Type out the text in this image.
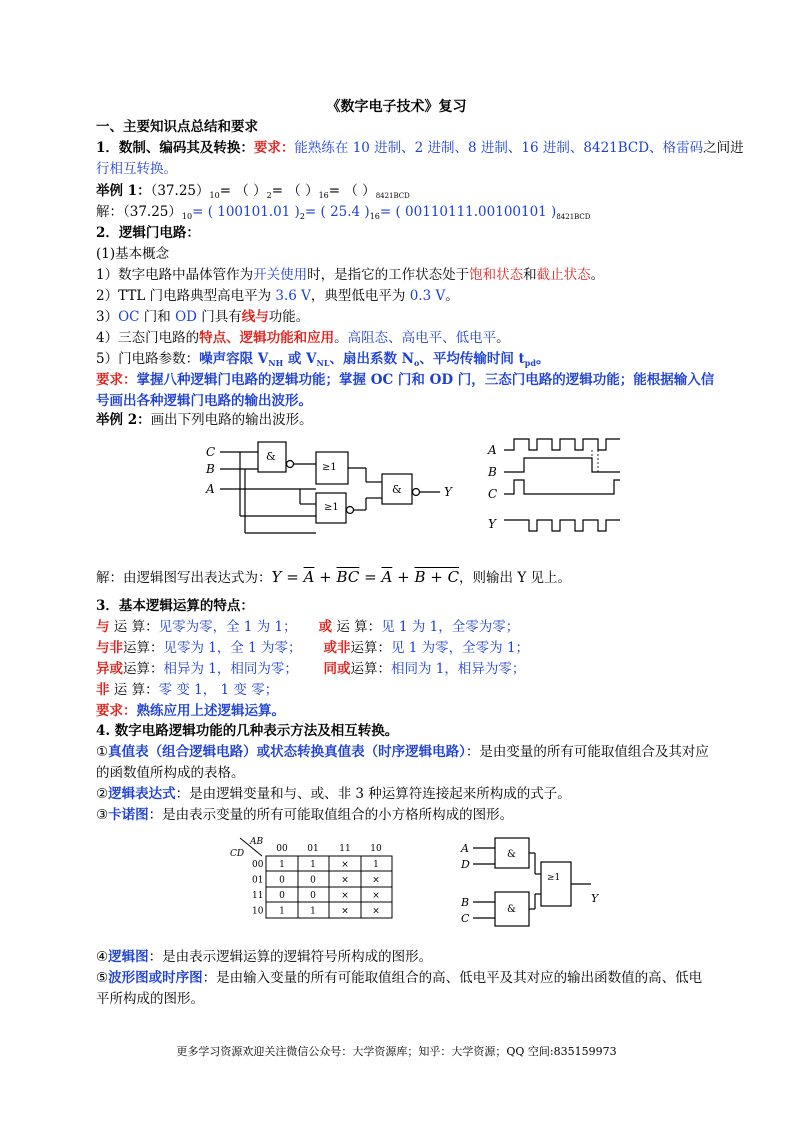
《数字电子技术》复习
一、主要知识点总结和要求
1．数制、编码其及转换：要求：能熟练在 10 进制、2 进制、8 进制、16 进制、8421BCD、格雷码之间进
行相互转换。
举例 1：$(37.25)_{10}=$ （ ）$_2=$ （ ）$_{16}=$ （ ）$_{8421BCD}$
解：$(37.25)_{10}=$ ( 100101.01 )$_2=$ ( 25.4 )$_{16}=$ ( 00110111.00100101 )$_{8421BCD}$
2．逻辑门电路：
(1)基本概念
1）数字电路中晶体管作为开关使用时，是指它的工作状态处于饱和状态和截止状态。
2）TTL 门电路典型高电平为 3.6 V，典型低电平为 0.3 V。
3）OC 门和 OD 门具有线与功能。
4）三态门电路的特点、逻辑功能和应用。高阻态、高电平、低电平。
5）门电路参数：噪声容限 $V_{NH}$ 或 $V_{NL}$、扇出系数 $N_o$、平均传输时间 $t_{pd}$。
要求：掌握八种逻辑门电路的逻辑功能；掌握 OC 门和 OD 门，三态门电路的逻辑功能；能根据输入信
号画出各种逻辑门电路的输出波形。
举例 2：画出下列电路的输出波形。
C
B
A
&
≥1
≥1
&	Y
A
B
C
Y
解：由逻辑图写出表达式为：$Y = \overline{A} + \overline{BC} = \overline{A} + B + C$，则输出 Y 见上。
3．基本逻辑运算的特点：
与 运 算：见零为零，全 1 为 1； 或 运 算：见 1 为 1，全零为零；
与非运算：见零为 1，全 1 为零； 或非运算：见 1 为零，全零为 1；
异或运算：相异为 1，相同为零； 同或运算：相同为 1，相异为零；
非 运 算：零 变 1， 1 变 零；
要求：熟练应用上述逻辑运算。
4. 数字电路逻辑功能的几种表示方法及相互转换。
①真值表（组合逻辑电路）或状态转换真值表（时序逻辑电路）：是由变量的所有可能取值组合及其对应
的函数值所构成的表格。
②逻辑表达式：是由逻辑变量和与、或、非 3 种运算符连接起来所构成的式子。
③卡诺图：是由表示变量的所有可能取值组合的小方格所构成的图形。
AB
CD	00 01 11 10
00 1	1	×	1
01 0	0	×	×
11 0	0	×	×
10 1	1	×	×
A
D
B
C
&
&
≥1
Y
④逻辑图：是由表示逻辑运算的逻辑符号所构成的图形。
⑤波形图或时序图：是由输入变量的所有可能取值组合的高、低电平及其对应的输出函数值的高、低电
平所构成的图形。
更多学习资源欢迎关注微信公众号：大学资源库；知乎：大学资源；QQ 空间:835159973
